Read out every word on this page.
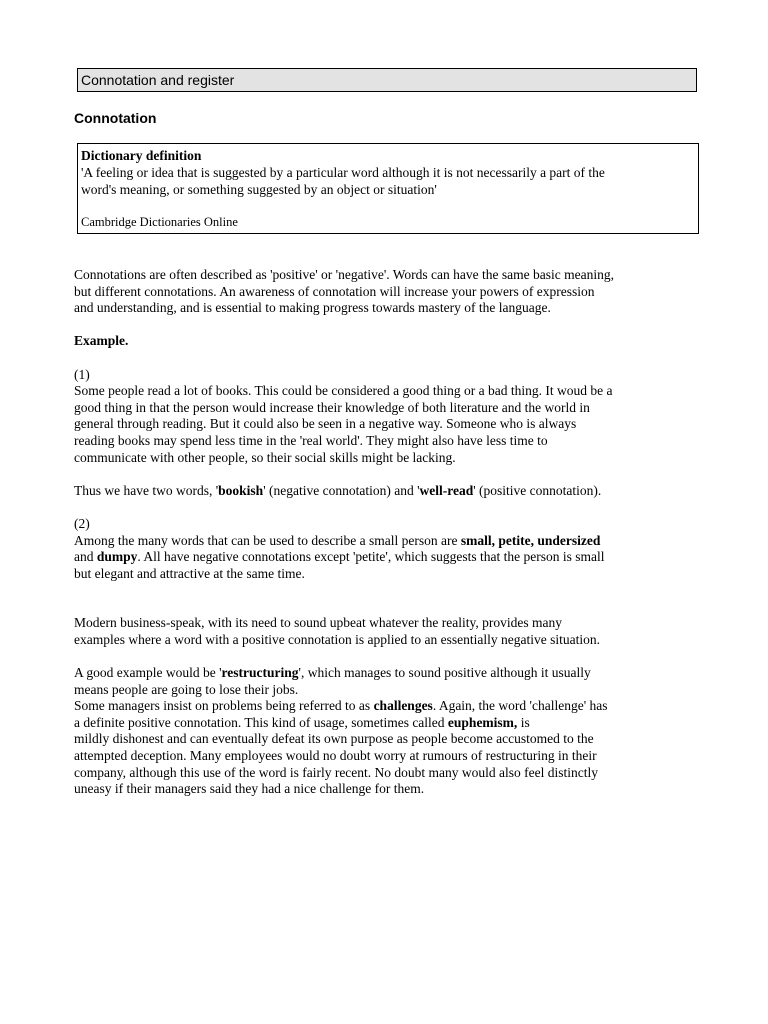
Connotation and register
Connotation
Dictionary definition
'A feeling or idea that is suggested by a particular word although it is not necessarily a part of the
word's meaning, or something suggested by an object or situation'
Cambridge Dictionaries Online

Connotations are often described as 'positive' or 'negative'. Words can have the same basic meaning,

but different connotations. An awareness of connotation will increase your powers of expression

and understanding, and is essential to making progress towards mastery of the language.

Example.

(1)

Some people read a lot of books. This could be considered a good thing or a bad thing. It woud be a

good thing in that the person would increase their knowledge of both literature and the world in

general through reading. But it could also be seen in a negative way. Someone who is always

reading books may spend less time in the 'real world'. They might also have less time to

communicate with other people, so their social skills might be lacking.

Thus we have two words, 'bookish' (negative connotation) and 'well-read' (positive connotation).

(2)

Among the many words that can be used to describe a small person are small, petite, undersized

and dumpy. All have negative connotations except 'petite', which suggests that the person is small

but elegant and attractive at the same time.

Modern business-speak, with its need to sound upbeat whatever the reality, provides many

examples where a word with a positive connotation is applied to an essentially negative situation.

A good example would be 'restructuring', which manages to sound positive although it usually

means people are going to lose their jobs.

Some managers insist on problems being referred to as challenges. Again, the word 'challenge' has

a definite positive connotation. This kind of usage, sometimes called euphemism, is

mildly dishonest and can eventually defeat its own purpose as people become accustomed to the

attempted deception. Many employees would no doubt worry at rumours of restructuring in their

company, although this use of the word is fairly recent. No doubt many would also feel distinctly

uneasy if their managers said they had a nice challenge for them.
